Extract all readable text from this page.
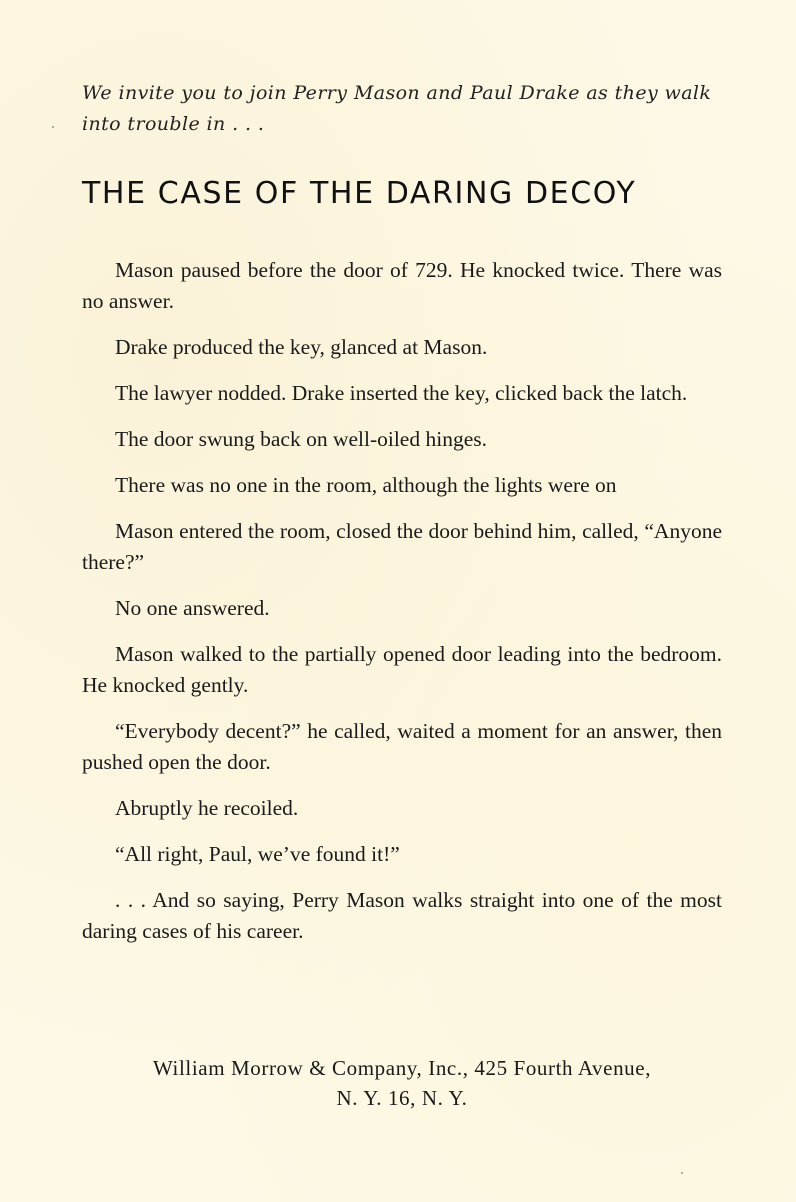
We invite you to join Perry Mason and Paul Drake as they walk into trouble in . . .
THE CASE OF THE DARING DECOY

Mason paused before the door of 729. He knocked twice. There was no answer.

Drake produced the key, glanced at Mason.

The lawyer nodded. Drake inserted the key, clicked back the latch.

The door swung back on well-oiled hinges.

There was no one in the room, although the lights were on

Mason entered the room, closed the door behind him, called, “Anyone there?”

No one answered.

Mason walked to the partially opened door leading into the bedroom. He knocked gently.

“Everybody decent?” he called, waited a moment for an answer, then pushed open the door.

Abruptly he recoiled.

“All right, Paul, we’ve found it!”

. . . And so saying, Perry Mason walks straight into one of the most daring cases of his career.

William Morrow & Company, Inc., 425 Fourth Avenue,
N. Y. 16, N. Y.
